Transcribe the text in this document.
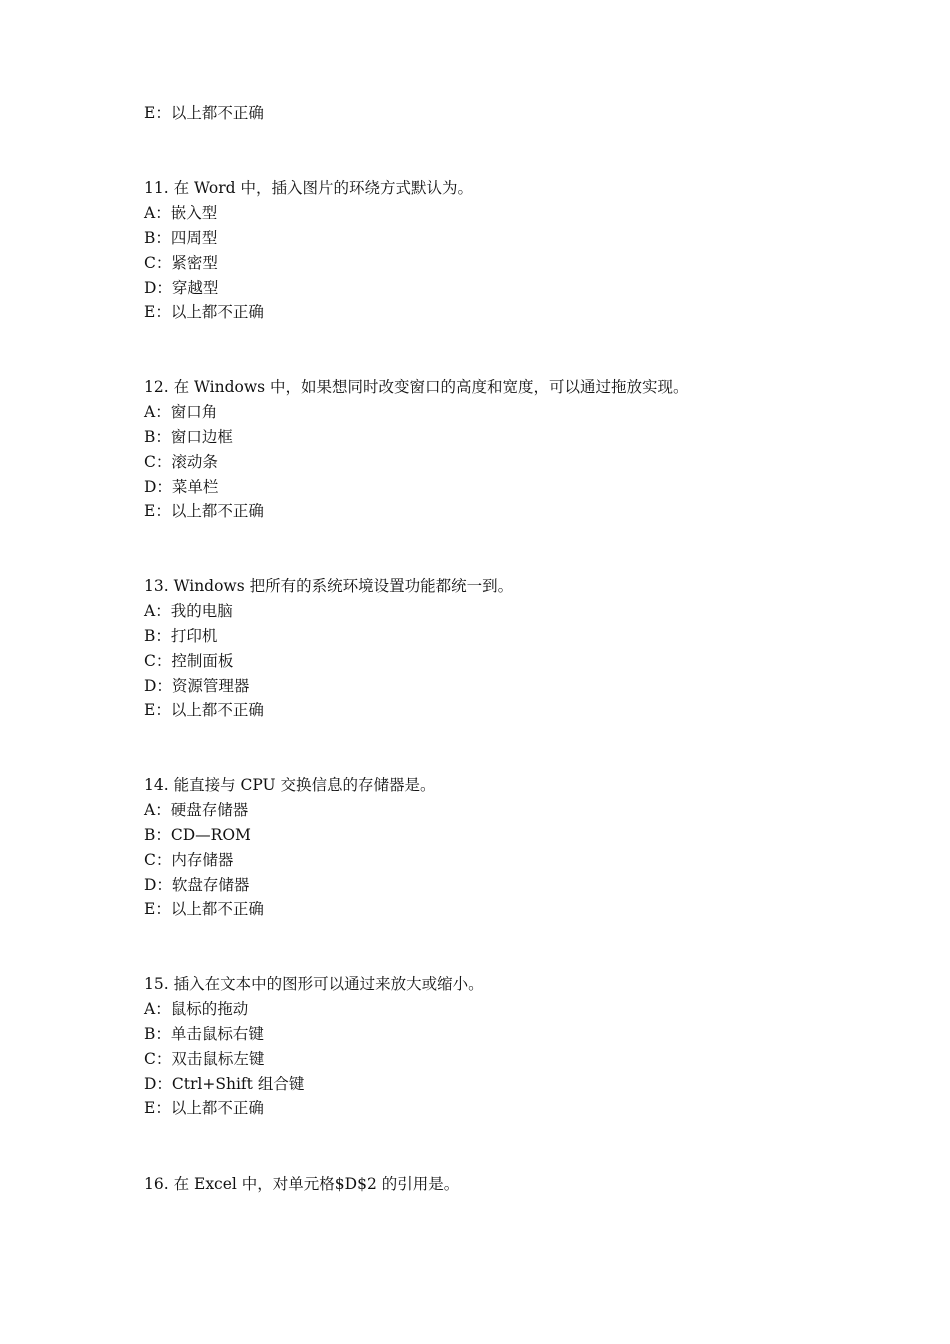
E：以上都不正确
11. 在 Word 中，插入图片的环绕方式默认为。
A：嵌入型
B：四周型
C：紧密型
D：穿越型
E：以上都不正确
12. 在 Windows 中，如果想同时改变窗口的高度和宽度，可以通过拖放实现。
A：窗口角
B：窗口边框
C：滚动条
D：菜单栏
E：以上都不正确
13. Windows 把所有的系统环境设置功能都统一到。
A：我的电脑
B：打印机
C：控制面板
D：资源管理器
E：以上都不正确
14. 能直接与 CPU 交换信息的存储器是。
A：硬盘存储器
B：CD—ROM
C：内存储器
D：软盘存储器
E：以上都不正确
15. 插入在文本中的图形可以通过来放大或缩小。
A：鼠标的拖动
B：单击鼠标右键
C：双击鼠标左键
D：Ctrl+Shift 组合键
E：以上都不正确
16. 在 Excel 中，对单元格$D$2 的引用是。
